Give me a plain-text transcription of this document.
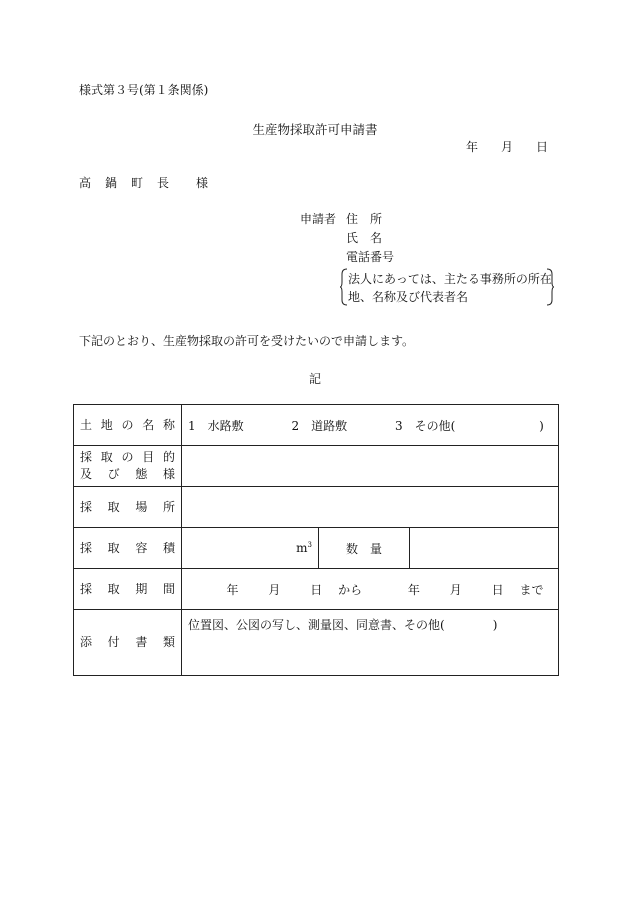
様式第３号(第１条関係)
生産物採取許可申請書
年 月 日
高　鍋　町　長　　様
申請者 住　所
氏　名
電話番号
法人にあっては、主たる事務所の所在
地、名称及び代表者名
下記のとおり、生産物採取の許可を受けたいので申請します。
記
土地の名称	1　水路敷 2　道路敷 3　その他( )		

採取の目的
及び態様			

採取場所			

採取容積	$m^3$	数　量	

採取期間	年 月 日 から 年 月 日 まで		

添付書類	位置図、公図の写し、測量図、同意書、その他( )		
